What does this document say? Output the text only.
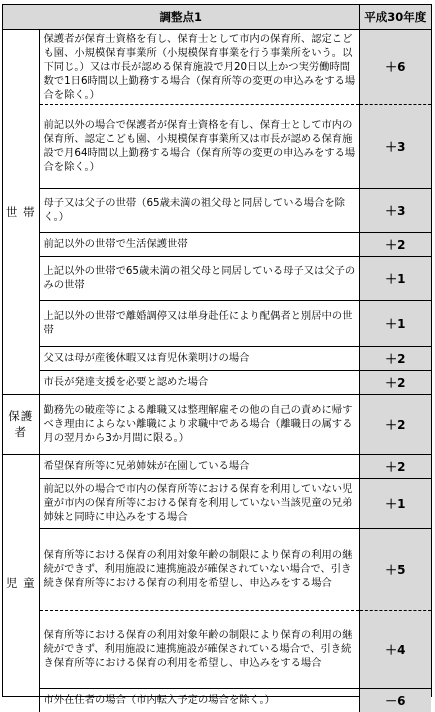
調整点1		平成30年度
世 帯	保護者が保育士資格を有し、保育士として市内の保育所、認定こども園、小規模保育事業所（小規模保育事業を行う事業所をいう。以下同じ。）又は市長が認める保育施設で月20日以上かつ実労働時間数で1日6時間以上勤務する場合（保育所等の変更の申込みをする場合を除く。）	＋6
	前記以外の場合で保護者が保育士資格を有し、保育士として市内の保育所、認定こども園、小規模保育事業所又は市長が認める保育施設で月64時間以上勤務する場合（保育所等の変更の申込みをする場合を除く。）	＋3
	母子又は父子の世帯（65歳未満の祖父母と同居している場合を除く。）	＋3
	前記以外の世帯で生活保護世帯	＋2
	上記以外の世帯で65歳未満の祖父母と同居している母子又は父子のみの世帯	＋1
	上記以外の世帯で離婚調停又は単身赴任により配偶者と別居中の世帯	＋1
	父又は母が産後休暇又は育児休業明けの場合	＋2
	市長が発達支援を必要と認めた場合	＋2
保護者	勤務先の破産等による離職又は整理解雇その他の自己の責めに帰すべき理由によらない離職により求職中である場合（離職日の属する月の翌月から3か月間に限る。）	＋2
児 童	希望保育所等に兄弟姉妹が在園している場合	＋2
	前記以外の場合で市内の保育所等における保育を利用していない児童が市内の保育所等における保育を利用していない当該児童の兄弟姉妹と同時に申込みをする場合	＋1
	保育所等における保育の利用対象年齢の制限により保育の利用の継続ができず、利用施設に連携施設が確保されていない場合で、引き続き保育所等における保育の利用を希望し、申込みをする場合	＋5
	保育所等における保育の利用対象年齢の制限により保育の利用の継続ができず、利用施設に連携施設が確保されている場合で、引き続き保育所等における保育の利用を希望し、申込みをする場合	＋4
	市外在住者の場合（市内転入予定の場合を除く。）	－6
